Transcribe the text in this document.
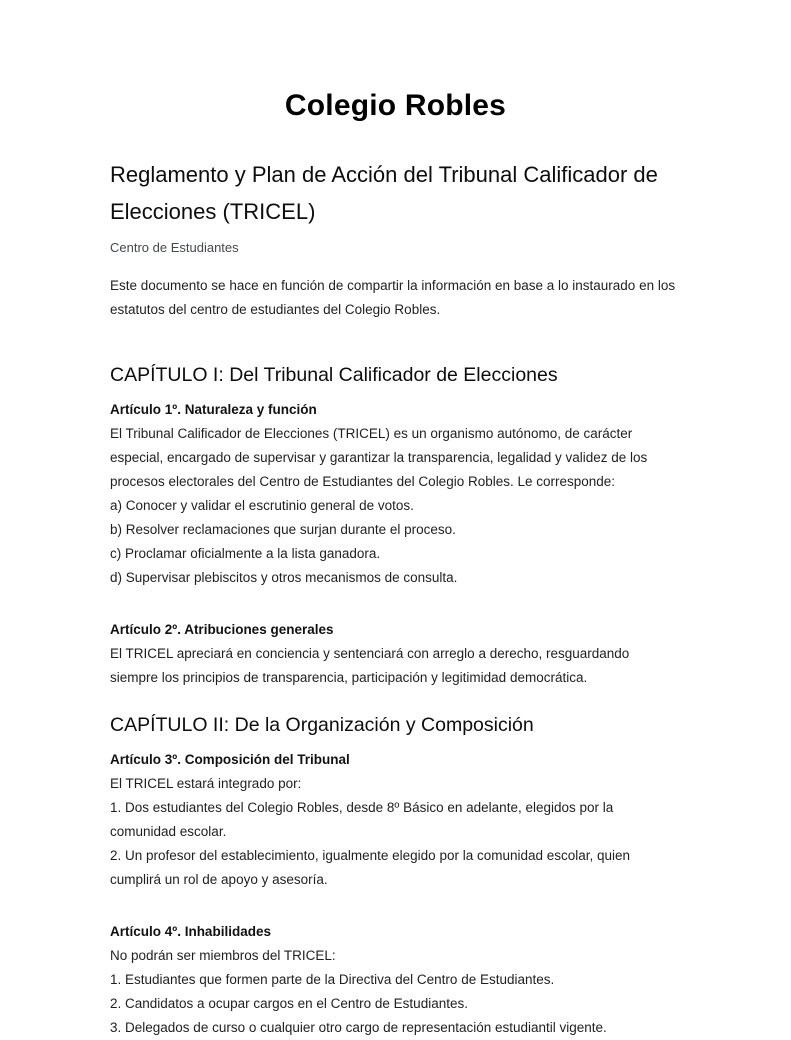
Colegio Robles
Reglamento y Plan de Acción del Tribunal Calificador de Elecciones (TRICEL)

Centro de Estudiantes

Este documento se hace en función de compartir la información en base a lo instaurado en los estatutos del centro de estudiantes del Colegio Robles.

CAPÍTULO I: Del Tribunal Calificador de Elecciones

Artículo 1º. Naturaleza y función

El Tribunal Calificador de Elecciones (TRICEL) es un organismo autónomo, de carácter especial, encargado de supervisar y garantizar la transparencia, legalidad y validez de los procesos electorales del Centro de Estudiantes del Colegio Robles. Le corresponde:
a) Conocer y validar el escrutinio general de votos.
b) Resolver reclamaciones que surjan durante el proceso.
c) Proclamar oficialmente a la lista ganadora.
d) Supervisar plebiscitos y otros mecanismos de consulta.

Artículo 2º. Atribuciones generales

El TRICEL apreciará en conciencia y sentenciará con arreglo a derecho, resguardando siempre los principios de transparencia, participación y legitimidad democrática.
CAPÍTULO II: De la Organización y Composición

Artículo 3º. Composición del Tribunal

El TRICEL estará integrado por:
1. Dos estudiantes del Colegio Robles, desde 8º Básico en adelante, elegidos por la comunidad escolar.
2. Un profesor del establecimiento, igualmente elegido por la comunidad escolar, quien cumplirá un rol de apoyo y asesoría.

Artículo 4º. Inhabilidades

No podrán ser miembros del TRICEL:
1. Estudiantes que formen parte de la Directiva del Centro de Estudiantes.
2. Candidatos a ocupar cargos en el Centro de Estudiantes.
3. Delegados de curso o cualquier otro cargo de representación estudiantil vigente.
